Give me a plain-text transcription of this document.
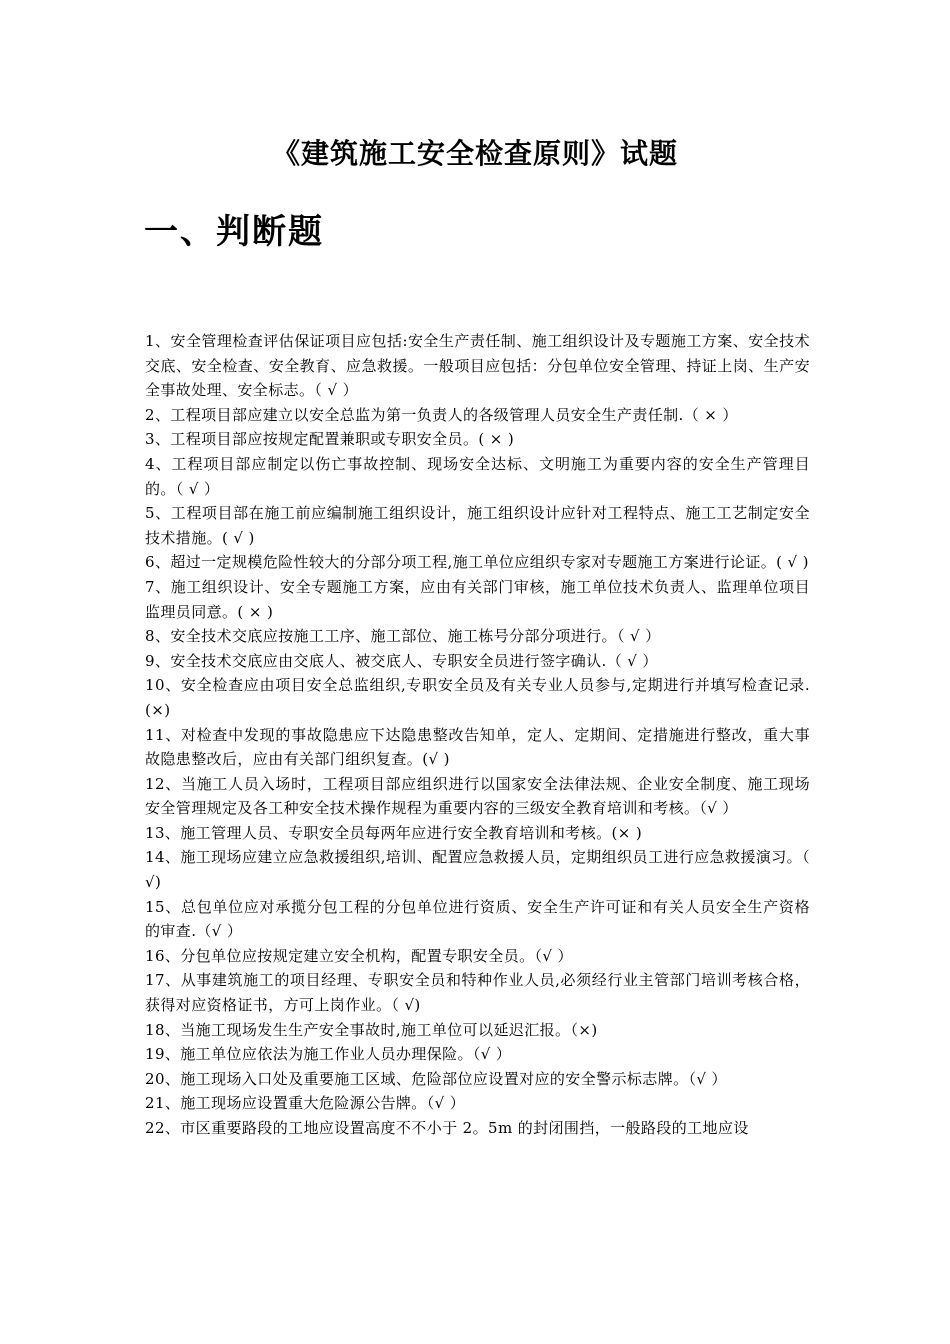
《建筑施工安全检查原则》试题
一、判断题
1、安全管理检查评估保证项目应包括:安全生产责任制、施工组织设计及专题施工方案、安全技术交底、安全检查、安全教育、应急救援。一般项目应包括：分包单位安全管理、持证上岗、生产安全事故处理、安全标志。（ √ ）
2、工程项目部应建立以安全总监为第一负责人的各级管理人员安全生产责任制.（ × ）
3、工程项目部应按规定配置兼职或专职安全员。( × )
4、工程项目部应制定以伤亡事故控制、现场安全达标、文明施工为重要内容的安全生产管理目的。（ √ ）
5、工程项目部在施工前应编制施工组织设计，施工组织设计应针对工程特点、施工工艺制定安全技术措施。( √ )
6、超过一定规模危险性较大的分部分项工程,施工单位应组织专家对专题施工方案进行论证。( √ )
7、施工组织设计、安全专题施工方案，应由有关部门审核，施工单位技术负责人、监理单位项目监理员同意。( × )
8、安全技术交底应按施工工序、施工部位、施工栋号分部分项进行。（ √ ）
9、安全技术交底应由交底人、被交底人、专职安全员进行签字确认.（ √ ）
10、安全检查应由项目安全总监组织,专职安全员及有关专业人员参与,定期进行并填写检查记录.(×)
11、对检查中发现的事故隐患应下达隐患整改告知单，定人、定期间、定措施进行整改，重大事故隐患整改后，应由有关部门组织复查。(√ )
12、当施工人员入场时，工程项目部应组织进行以国家安全法律法规、企业安全制度、施工现场安全管理规定及各工种安全技术操作规程为重要内容的三级安全教育培训和考核。（√ ）
13、施工管理人员、专职安全员每两年应进行安全教育培训和考核。(× )
14、施工现场应建立应急救援组织,培训、配置应急救援人员，定期组织员工进行应急救援演习。（ √)
15、总包单位应对承揽分包工程的分包单位进行资质、安全生产许可证和有关人员安全生产资格的审查.（√ ）
16、分包单位应按规定建立安全机构，配置专职安全员。（√ ）
17、从事建筑施工的项目经理、专职安全员和特种作业人员,必须经行业主管部门培训考核合格，获得对应资格证书，方可上岗作业。（ √)
18、当施工现场发生生产安全事故时,施工单位可以延迟汇报。（×)
19、施工单位应依法为施工作业人员办理保险。（√ ）
20、施工现场入口处及重要施工区域、危险部位应设置对应的安全警示标志牌。（√ ）
21、施工现场应设置重大危险源公告牌。（√ ）
22、市区重要路段的工地应设置高度不不小于 2。5m 的封闭围挡，一般路段的工地应设
